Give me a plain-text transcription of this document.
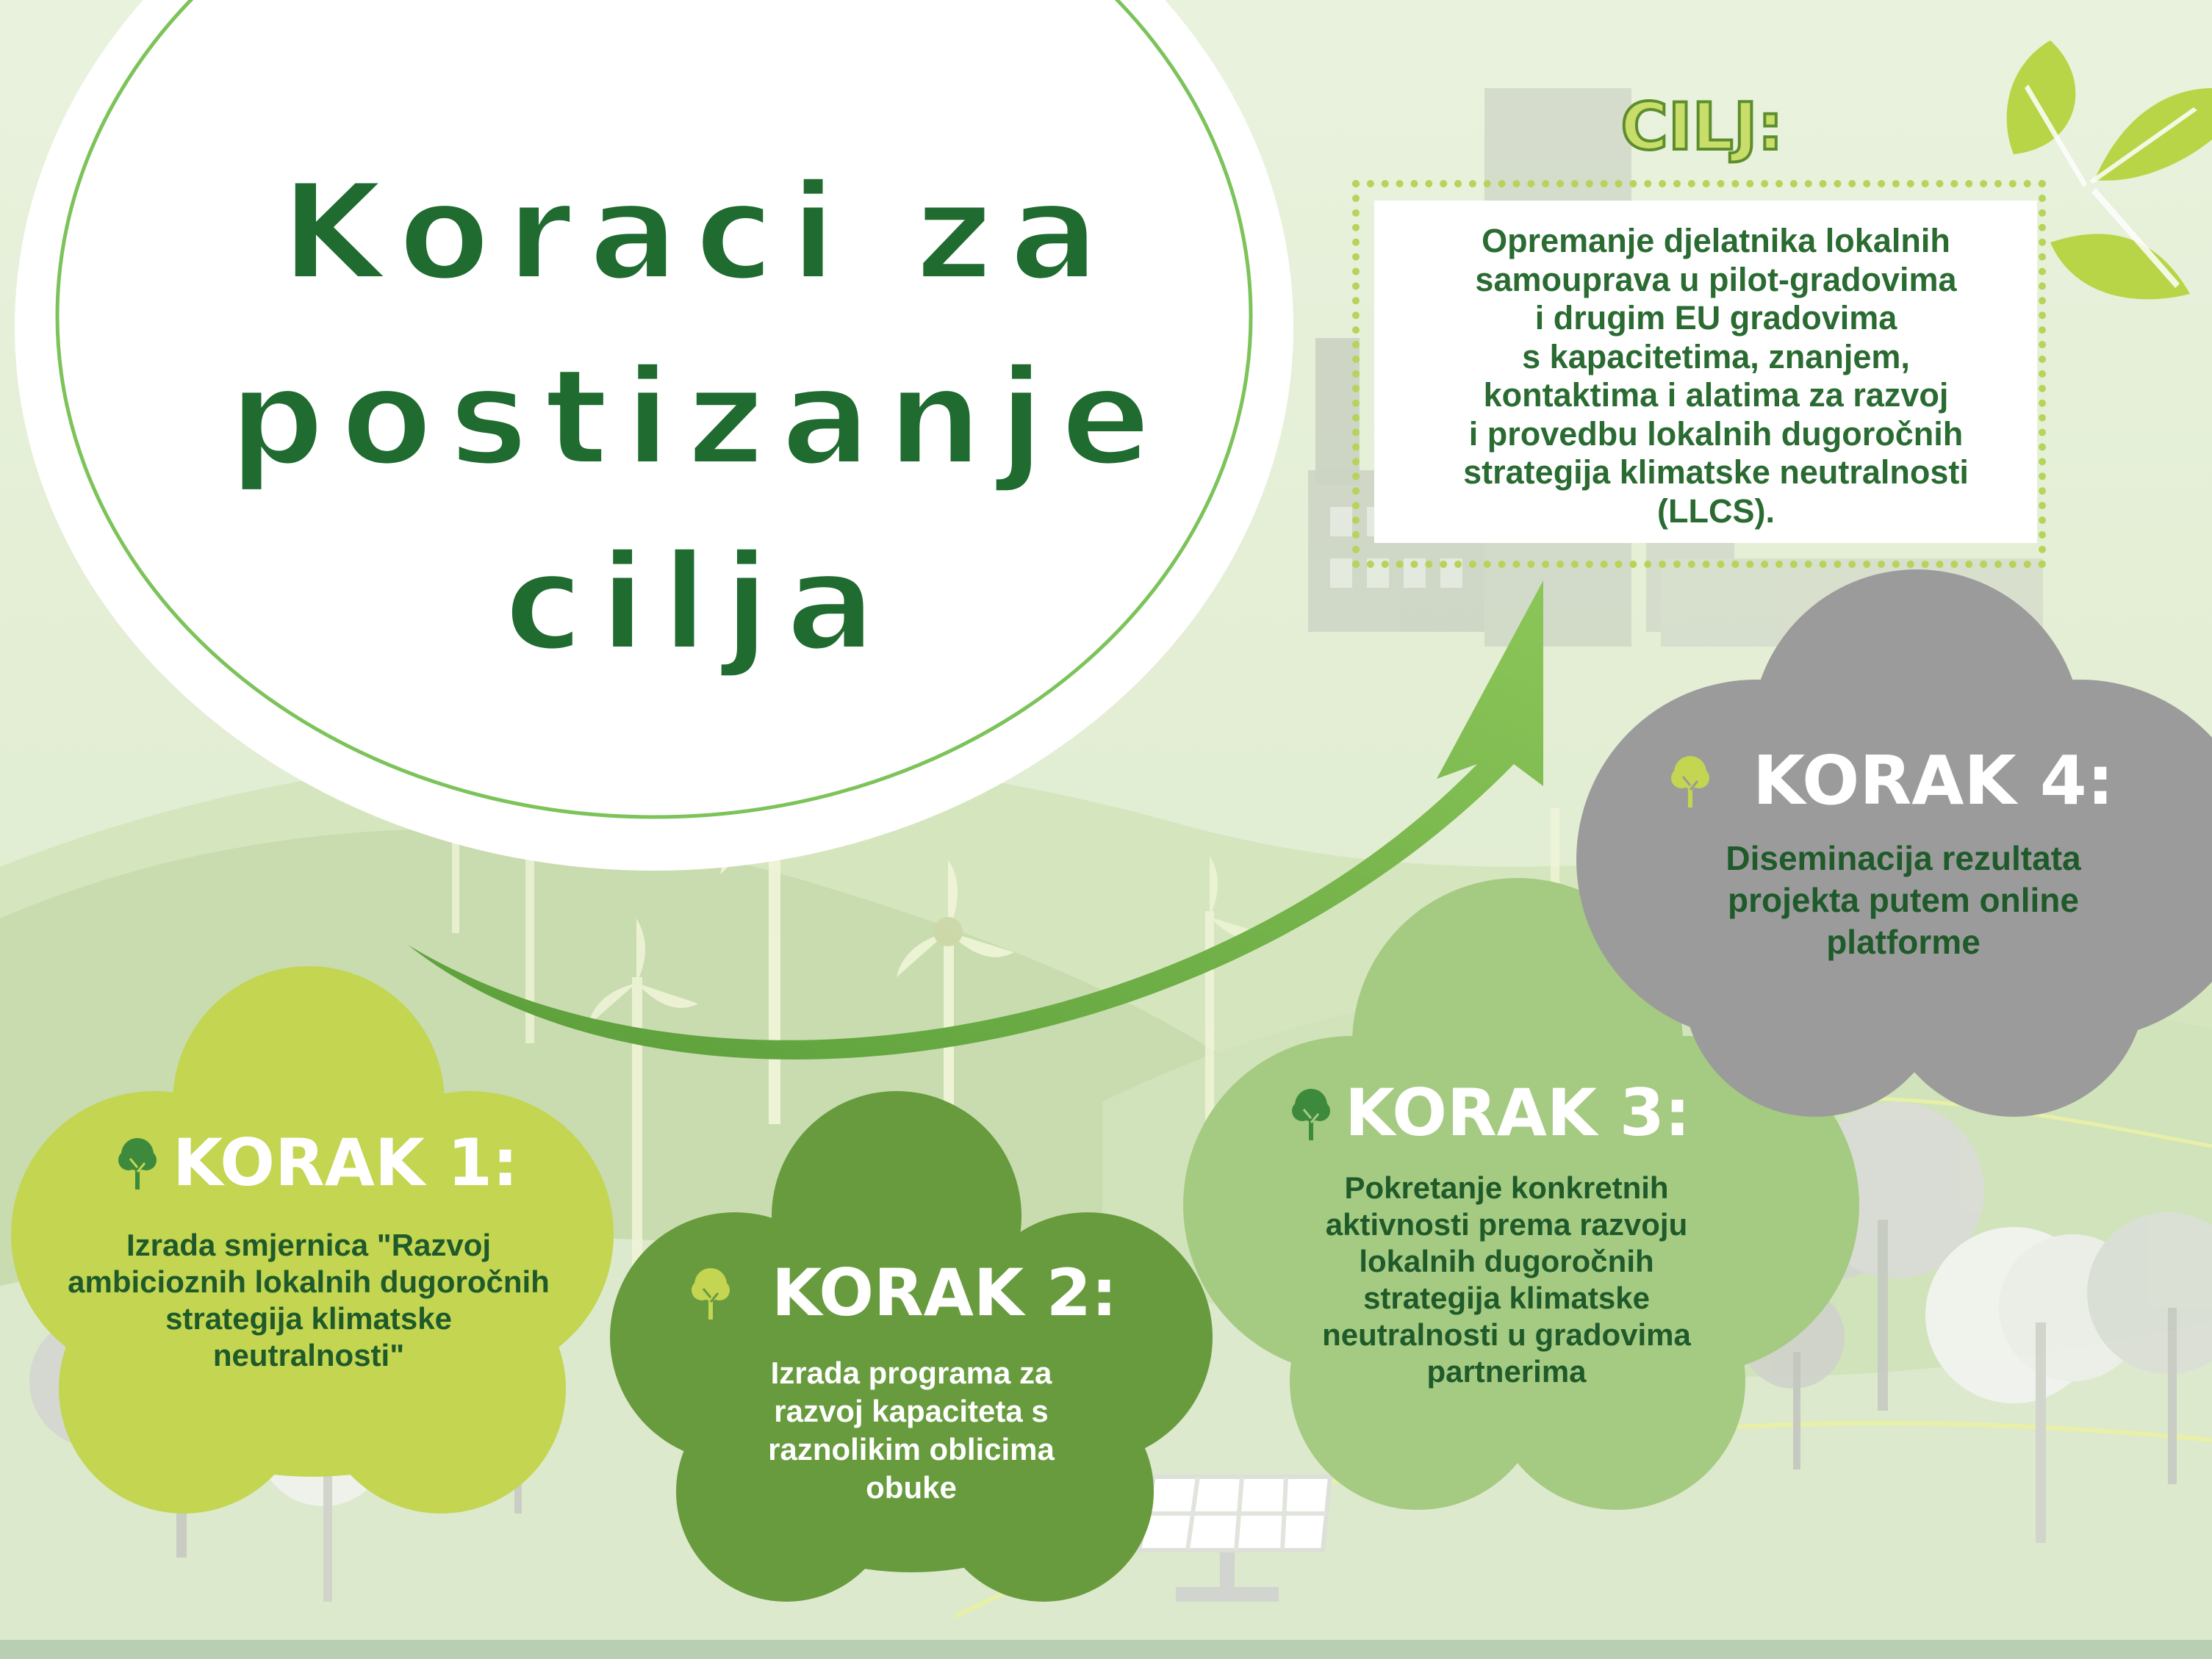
Koraci za
postizanje
cilja
CILJ:
Opremanje djelatnika lokalnih
samouprava u pilot-gradovima
i drugim EU gradovima
s kapacitetima, znanjem,
kontaktima i alatima za razvoj
i provedbu lokalnih dugoročnih
strategija klimatske neutralnosti
(LLCS).
KORAK 1:
Izrada smjernica "Razvoj
ambicioznih lokalnih dugoročnih
strategija klimatske
neutralnosti"
KORAK 2:
Izrada programa za
razvoj kapaciteta s
raznolikim oblicima
obuke
KORAK 3:
Pokretanje konkretnih
aktivnosti prema razvoju
lokalnih dugoročnih
strategija klimatske
neutralnosti u gradovima
partnerima
KORAK 4:
Diseminacija rezultata
projekta putem online
platforme
